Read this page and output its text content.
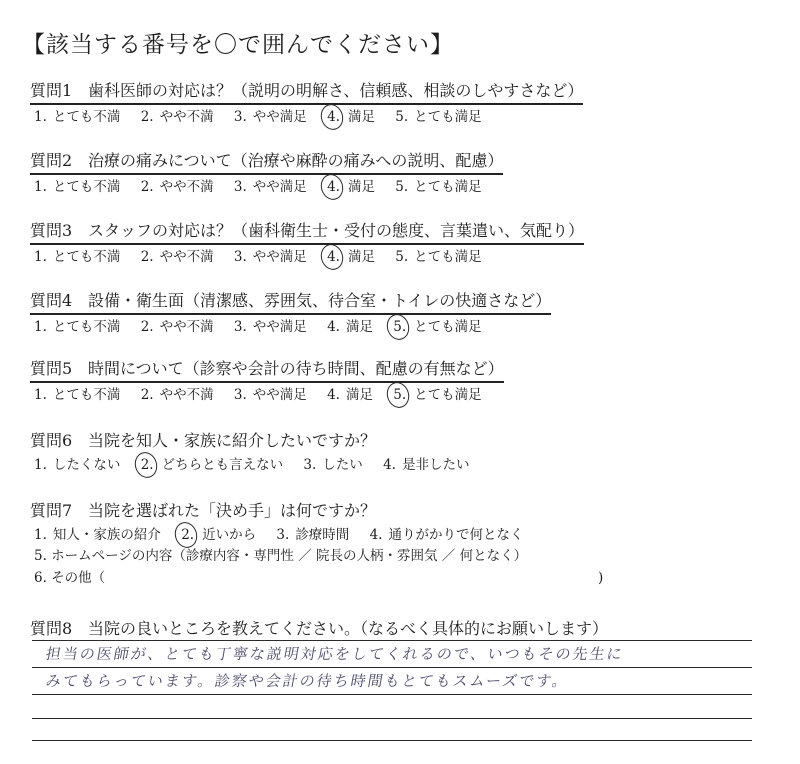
【該当する番号を〇で囲んでください】
質問1 歯科医師の対応は？（説明の明解さ、信頼感、相談のしやすさなど）
1. とても不満 2. やや不満 3. やや満足 4. 満足 5. とても満足
質問2 治療の痛みについて（治療や麻酔の痛みへの説明、配慮）
1. とても不満 2. やや不満 3. やや満足 4. 満足 5. とても満足
質問3 スタッフの対応は？（歯科衛生士・受付の態度、言葉遣い、気配り）
1. とても不満 2. やや不満 3. やや満足 4. 満足 5. とても満足
質問4 設備・衛生面（清潔感、雰囲気、待合室・トイレの快適さなど）
1. とても不満 2. やや不満 3. やや満足 4. 満足 5. とても満足
質問5 時間について（診察や会計の待ち時間、配慮の有無など）
1. とても不満 2. やや不満 3. やや満足 4. 満足 5. とても満足
質問6 当院を知人・家族に紹介したいですか？
1. したくない 2. どちらとも言えない 3. したい 4. 是非したい
質問7 当院を選ばれた「決め手」は何ですか？
1. 知人・家族の紹介 2. 近いから 3. 診療時間 4. 通りがかりで何となく
5. ホームページの内容（診療内容・専門性 ／ 院長の人柄・雰囲気 ／ 何となく）
6. その他（	)
質問8 当院の良いところを教えてください。（なるべく具体的にお願いします）
担当の医師が、とても丁寧な説明対応をしてくれるので、いつもその先生に
みてもらっています。診察や会計の待ち時間もとてもスムーズです。
